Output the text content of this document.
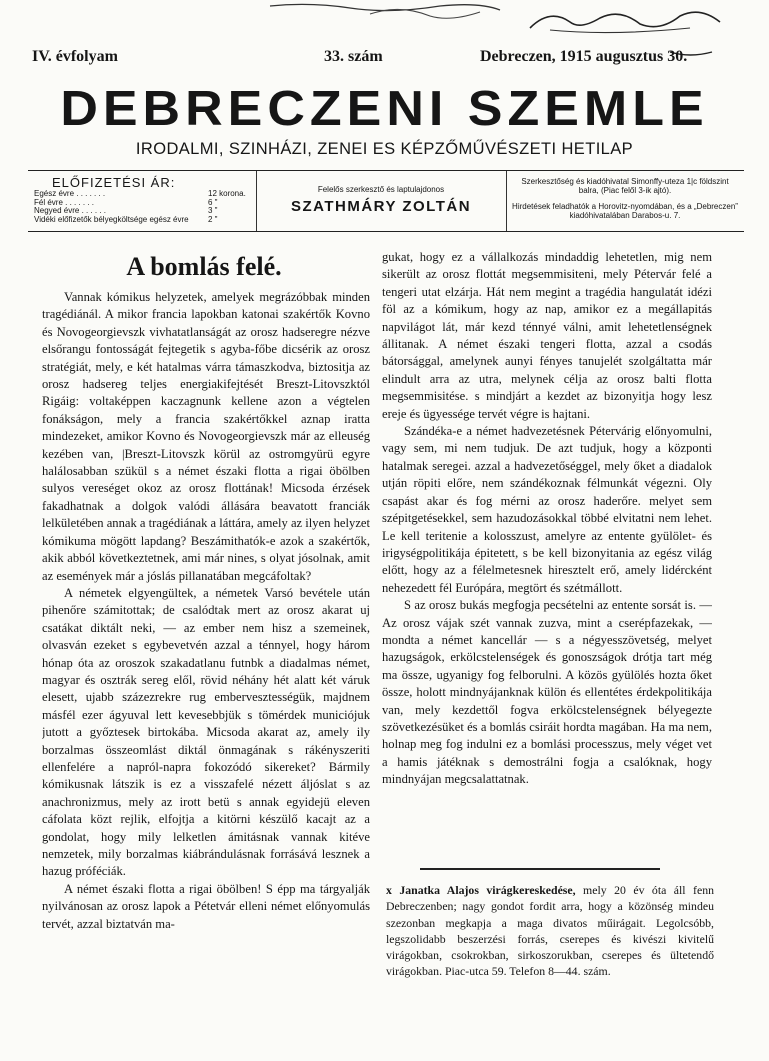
IV. évfolyam	33. szám	Debreczen, 1915 augusztus 30.
DEBRECZENI SZEMLE
IRODALMI, SZINHÁZI, ZENEI ES KÉPZŐMŰVÉSZETI HETILAP
ELŐFIZETÉSI ÁR:
Egész évre . . . . . . .	12 korona.
Fél évre . . . . . . .	6 "
Negyed évre . . . . . .	3 "
Vidéki előfizetők bélyegköltsége egész évre 2 "
Felelős szerkesztő és laptulajdonos
SZATHMÁRY ZOLTÁN

Szerkesztőség és kiadóhivatal Simonffy-uteza 1|c földszint balra, (Piac felől 3-ik ajtó).

Hirdetések feladhatók a Horovitz-nyomdában, és a „Debreczen” kiadóhivatalában Darabos-u. 7.

A bomlás felé.

Vannak kómikus helyzetek, amelyek megrázóbbak minden tragédiánál. A mikor francia lapokban katonai szakértők Kovno és Novogeorgievszk vivhatatlanságát az orosz hadseregre nézve elsőrangu fontosságát fejtegetik s agyba-főbe dicsérik az orosz stratégiát, mely, e két hatalmas várra támaszkodva, biztositja az orosz hadsereg teljes energiakifejtését Breszt-Litovszktól Rigáig: voltaképpen kaczagnunk kellene azon a végtelen fonákságon, mely a francia szakértőkkel aznap iratta mindezeket, amikor Kovno és Novogeorgievszk már az elleuség kezében van, |Breszt-Litovszk körül az ostromgyürü egyre halálosabban szükül s a német északi flotta a rigai öbölben sulyos vereséget okoz az orosz flottának! Micsoda érzések fakadhatnak a dolgok valódi állására beavatott franciák lelkületében annak a tragédiának a láttára, amely az ilyen helyzet kómikuma mögött lapdang? Beszámithatók-e azok a szakértők, akik abból következtetnek, ami már nines, s olyat jósolnak, amit az események már a jóslás pillanatában megcáfoltak?

A németek elgyengültek, a németek Varsó bevétele után pihenőre számitottak; de csalódtak mert az orosz akarat uj csatákat diktált neki, — az ember nem hisz a szemeinek, olvasván ezeket s egybevetvén azzal a ténnyel, hogy három hónap óta az oroszok szakadatlanu futnbk a diadalmas német, magyar és osztrák sereg elől, rövid néhány hét alatt két váruk elesett, ujabb százezrekre rug embervesztességük, majdnem másfél ezer ágyuval lett kevesebbjük s tömérdek municiójuk jutott a győztesek birtokába. Micsoda akarat az, amely ily borzalmas összeomlást diktál önmagának s rákényszeriti ellenfelére a napról-napra fokozódó sikereket? Bármily kómikusnak látszik is ez a visszafelé nézett áljóslat s az anachronizmus, mely az irott betü s annak egyidejü eleven cáfolata közt rejlik, elfojtja a kitörni készülő kacajt az a gondolat, hogy mily lelketlen ámitásnak vannak kitéve nemzetek, mily borzalmas kiábrándulásnak forrásává lesznek a hazug próféciák.

A német északi flotta a rigai öbölben! S épp ma tárgyalják nyilvánosan az orosz lapok a Pétetvár elleni német előnyomulás tervét, azzal biztatván ma-

gukat, hogy ez a vállalkozás mindaddig lehetetlen, mig nem sikerült az orosz flottát megsemmisiteni, mely Pétervár felé a tengeri utat elzárja. Hát nem megint a tragédia hangulatát idézi föl az a kómikum, hogy az nap, amikor ez a megállapitás napvilágot lát, már kezd ténnyé válni, amit lehetetlenségnek állitanak. A német északi tengeri flotta, azzal a csodás bátorsággal, amelynek aunyi fényes tanujelét szolgáltatta már elindult arra az utra, melynek célja az orosz balti flotta megsemmisitése. s mindjárt a kezdet az bizonyitja hogy lesz ereje és ügyessége tervét végre is hajtani.

Szándéka-e a német hadvezetésnek Pétervárig előnyomulni, vagy sem, mi nem tudjuk. De azt tudjuk, hogy a központi hatalmak seregei. azzal a hadvezetőséggel, mely őket a diadalok utján röpiti előre, nem szándékoznak félmunkát végezni. Oly csapást akar és fog mérni az orosz haderőre. melyet sem szépitgetésekkel, sem hazudozásokkal többé elvitatni nem lehet. Le kell teritenie a kolosszust, amelyre az entente gyülölet- és irigységpolitikája épitetett, s be kell bizonyitania az egész világ előtt, hogy az a félelmetesnek hiresztelt erő, amely lidércként nehezedett fél Európára, megtört és szétmállott.

S az orosz bukás megfogja pecsételni az entente sorsát is. — Az orosz vájak szét vannak zuzva, mint a cserépfazekak, — mondta a német kancellár — s a négyesszövetség, melyet hazugságok, erkölcstelenségek és gonoszságok drótja tart még ma össze, ugyanigy fog felborulni. A közös gyülölés hozta őket össze, holott mindnyájanknak külön és ellentétes érdekpolitikája van, mely kezdettől fogva erkölcstelenségnek bélyegezte szövetkezésüket és a bomlás csiráit hordta magában. Ha ma nem, holnap meg fog indulni ez a bomlási processzus, mely véget vet a hamis játéknak s demostrálni fogja a csalóknak, hogy mindnyájan megcsalattatnak.

x Janatka Alajos virágkereskedése, mely 20 év óta áll fenn Debreczenben; nagy gondot fordit arra, hogy a közönség mindeu szezonban megkapja a maga divatos műirágait. Legolcsóbb, legszolidabb beszerzési forrás, cserepes és kivészi kivitelű virágokban, csokrokban, sirkoszorukban, cserepes és ültetendő virágokban. Piac-utca 59. Telefon 8—44. szám.
